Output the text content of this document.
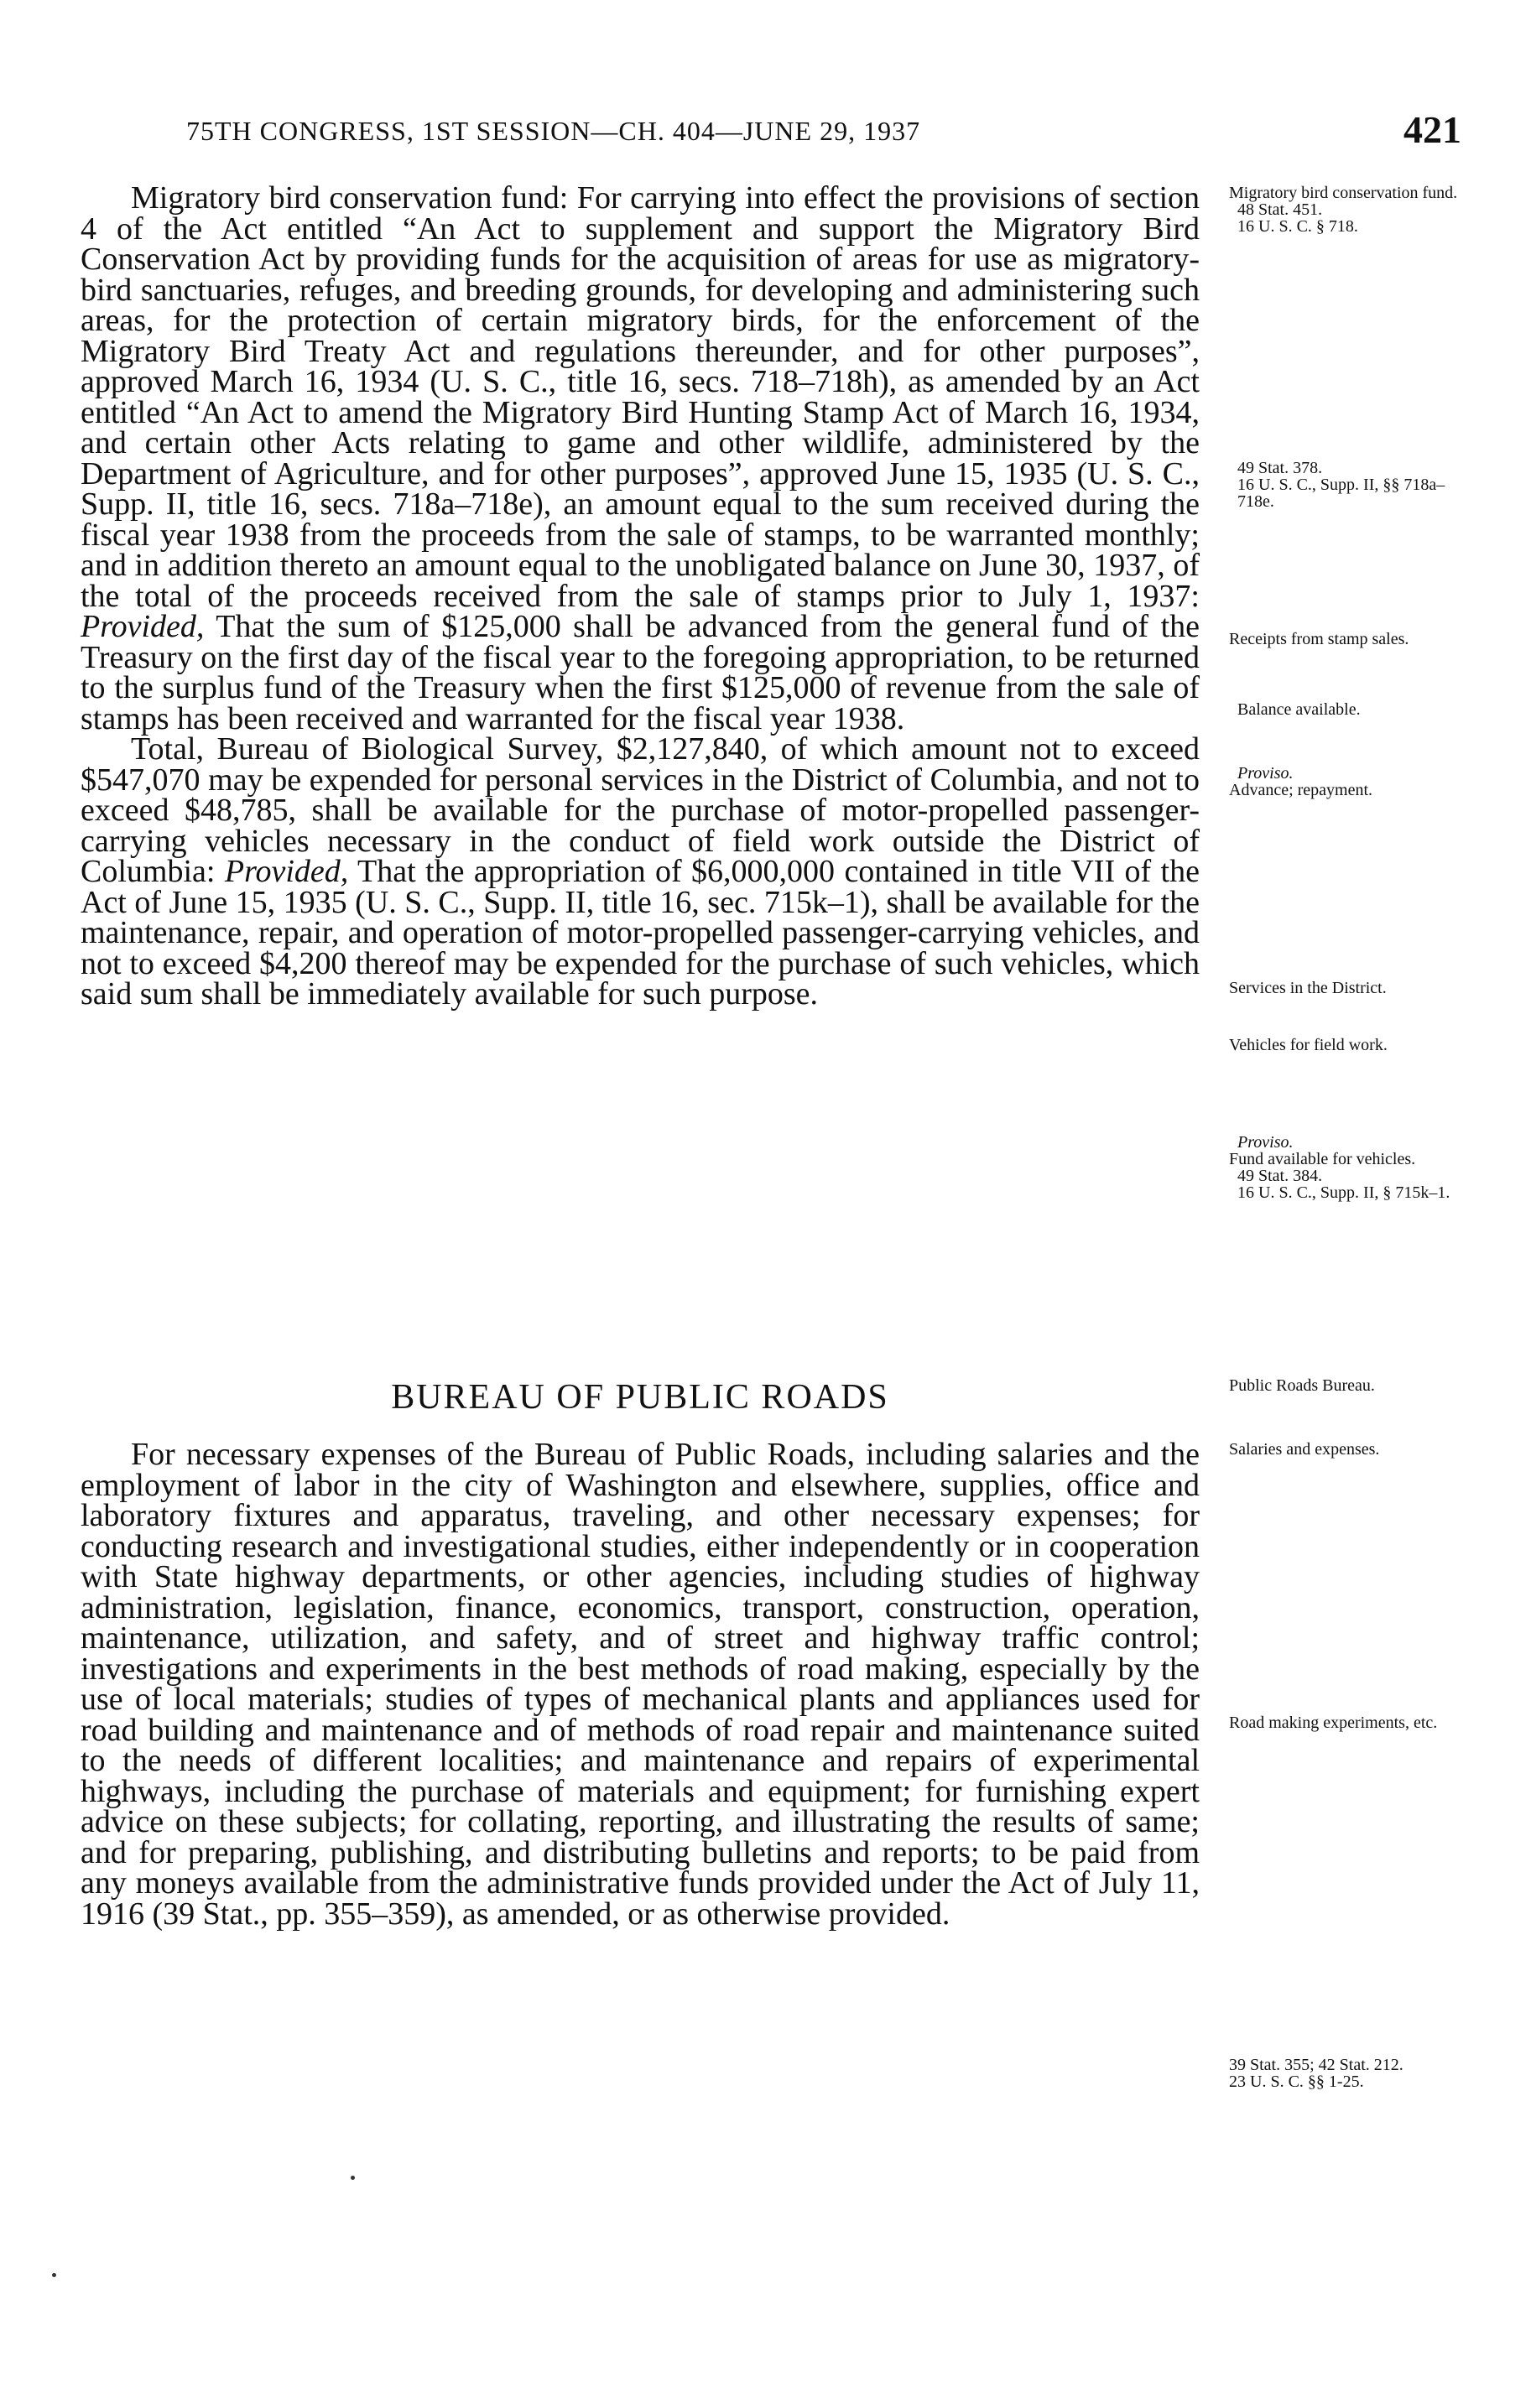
75TH CONGRESS, 1ST SESSION—CH. 404—JUNE 29, 1937	421

Migratory bird conservation fund: For carrying into effect the provisions of section 4 of the Act entitled “An Act to supplement and support the Migratory Bird Conservation Act by providing funds for the acquisition of areas for use as migratory-bird sanctuaries, refuges, and breeding grounds, for developing and administering such areas, for the protection of certain migratory birds, for the enforcement of the Migratory Bird Treaty Act and regulations thereunder, and for other purposes”, approved March 16, 1934 (U. S. C., title 16, secs. 718–718h), as amended by an Act entitled “An Act to amend the Migratory Bird Hunting Stamp Act of March 16, 1934, and certain other Acts relating to game and other wildlife, administered by the Department of Agriculture, and for other purposes”, approved June 15, 1935 (U. S. C., Supp. II, title 16, secs. 718a–718e), an amount equal to the sum received during the fiscal year 1938 from the proceeds from the sale of stamps, to be warranted monthly; and in addition thereto an amount equal to the unobligated balance on June 30, 1937, of the total of the proceeds received from the sale of stamps prior to July 1, 1937: Provided, That the sum of $125,000 shall be advanced from the general fund of the Treasury on the first day of the fiscal year to the foregoing appropriation, to be returned to the surplus fund of the Treasury when the first $125,000 of revenue from the sale of stamps has been received and warranted for the fiscal year 1938.

Total, Bureau of Biological Survey, $2,127,840, of which amount not to exceed $547,070 may be expended for personal services in the District of Columbia, and not to exceed $48,785, shall be available for the purchase of motor-propelled passenger-carrying vehicles necessary in the conduct of field work outside the District of Columbia: Provided, That the appropriation of $6,000,000 contained in title VII of the Act of June 15, 1935 (U. S. C., Supp. II, title 16, sec. 715k–1), shall be available for the maintenance, repair, and operation of motor-propelled passenger-carrying vehicles, and not to exceed $4,200 thereof may be expended for the purchase of such vehicles, which said sum shall be immediately available for such purpose.

BUREAU OF PUBLIC ROADS

For necessary expenses of the Bureau of Public Roads, including salaries and the employment of labor in the city of Washington and elsewhere, supplies, office and laboratory fixtures and apparatus, traveling, and other necessary expenses; for conducting research and investigational studies, either independently or in cooperation with State highway departments, or other agencies, including studies of highway administration, legislation, finance, economics, transport, construction, operation, maintenance, utilization, and safety, and of street and highway traffic control; investigations and experiments in the best methods of road making, especially by the use of local materials; studies of types of mechanical plants and appliances used for road building and maintenance and of methods of road repair and maintenance suited to the needs of different localities; and maintenance and repairs of experimental highways, including the purchase of materials and equipment; for furnishing expert advice on these subjects; for collating, reporting, and illustrating the results of same; and for preparing, publishing, and distributing bulletins and reports; to be paid from any moneys available from the administrative funds provided under the Act of July 11, 1916 (39 Stat., pp. 355–359), as amended, or as otherwise provided.

Migratory bird conservation fund.
48 Stat. 451.
16 U. S. C. § 718.
49 Stat. 378.
16 U. S. C., Supp. II, §§ 718a–718e.
Receipts from stamp sales.
Balance available.
Proviso.
Advance; repayment.
Services in the District.
Vehicles for field work.
Proviso.
Fund available for vehicles.
49 Stat. 384.
16 U. S. C., Supp. II, § 715k–1.
Public Roads Bureau.
Salaries and expenses.
Road making experiments, etc.
39 Stat. 355; 42 Stat. 212.
23 U. S. C. §§ 1-25.
